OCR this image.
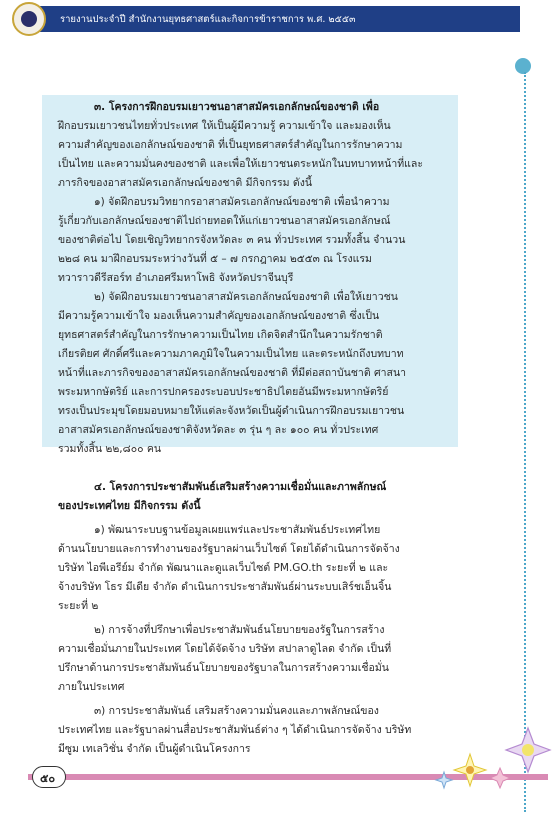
รายงานประจำปี สำนักงานยุทธศาสตร์และกิจการข้าราชการ พ.ศ. ๒๕๕๓
๓. โครงการฝึกอบรมเยาวชนอาสาสมัครเอกลักษณ์ของชาติ เพื่อ
ฝึกอบรมเยาวชนไทยทั่วประเทศ ให้เป็นผู้มีความรู้ ความเข้าใจ และมองเห็น
ความสำคัญของเอกลักษณ์ของชาติ ที่เป็นยุทธศาสตร์สำคัญในการรักษาความ
เป็นไทย และความมั่นคงของชาติ และเพื่อให้เยาวชนตระหนักในบทบาทหน้าที่และ
ภารกิจของอาสาสมัครเอกลักษณ์ของชาติ มีกิจกรรม ดังนี้
๑) จัดฝึกอบรมวิทยากรอาสาสมัครเอกลักษณ์ของชาติ เพื่อนำความ
รู้เกี่ยวกับเอกลักษณ์ของชาติไปถ่ายทอดให้แก่เยาวชนอาสาสมัครเอกลักษณ์
ของชาติต่อไป โดยเชิญวิทยากรจังหวัดละ ๓ คน ทั่วประเทศ รวมทั้งสิ้น จำนวน
๒๒๘ คน มาฝึกอบรมระหว่างวันที่ ๕ – ๗ กรกฎาคม ๒๕๕๓ ณ โรงแรม
ทวาราวดีรีสอร์ท อำเภอศรีมหาโพธิ จังหวัดปราจีนบุรี
๒) จัดฝึกอบรมเยาวชนอาสาสมัครเอกลักษณ์ของชาติ เพื่อให้เยาวชน
มีความรู้ความเข้าใจ มองเห็นความสำคัญของเอกลักษณ์ของชาติ ซึ่งเป็น
ยุทธศาสตร์สำคัญในการรักษาความเป็นไทย เกิดจิตสำนึกในความรักชาติ
เกียรติยศ ศักดิ์ศรีและความภาคภูมิใจในความเป็นไทย และตระหนักถึงบทบาท
หน้าที่และภารกิจของอาสาสมัครเอกลักษณ์ของชาติ ที่มีต่อสถาบันชาติ ศาสนา
พระมหากษัตริย์ และการปกครองระบอบประชาธิปไตยอันมีพระมหากษัตริย์
ทรงเป็นประมุขโดยมอบหมายให้แต่ละจังหวัดเป็นผู้ดำเนินการฝึกอบรมเยาวชน
อาสาสมัครเอกลักษณ์ของชาติจังหวัดละ ๓ รุ่น ๆ ละ ๑๐๐ คน ทั่วประเทศ
รวมทั้งสิ้น ๒๒,๘๐๐ คน
๔. โครงการประชาสัมพันธ์เสริมสร้างความเชื่อมั่นและภาพลักษณ์
ของประเทศไทย มีกิจกรรม ดังนี้
๑) พัฒนาระบบฐานข้อมูลเผยแพร่และประชาสัมพันธ์ประเทศไทย
ด้านนโยบายและการทำงานของรัฐบาลผ่านเว็บไซต์ โดยได้ดำเนินการจัดจ้าง
บริษัท ไอพีเอรีย์ม จำกัด พัฒนาและดูแลเว็บไซต์ PM.GO.th ระยะที่ ๒ และ
จ้างบริษัท โธร มีเดีย จำกัด ดำเนินการประชาสัมพันธ์ผ่านระบบเสิร์ชเอ็นจิ้น
ระยะที่ ๒
๒) การจ้างที่ปรึกษาเพื่อประชาสัมพันธ์นโยบายของรัฐในการสร้าง
ความเชื่อมั่นภายในประเทศ โดยได้จัดจ้าง บริษัท สปาลาดูไลด จำกัด เป็นที่
ปรึกษาด้านการประชาสัมพันธ์นโยบายของรัฐบาลในการสร้างความเชื่อมั่น
ภายในประเทศ
๓) การประชาสัมพันธ์ เสริมสร้างความมั่นคงและภาพลักษณ์ของ
ประเทศไทย และรัฐบาลผ่านสื่อประชาสัมพันธ์ต่าง ๆ ได้ดำเนินการจัดจ้าง บริษัท
มีซูม เทเลวิชั่น จำกัด เป็นผู้ดำเนินโครงการ
๕๐
